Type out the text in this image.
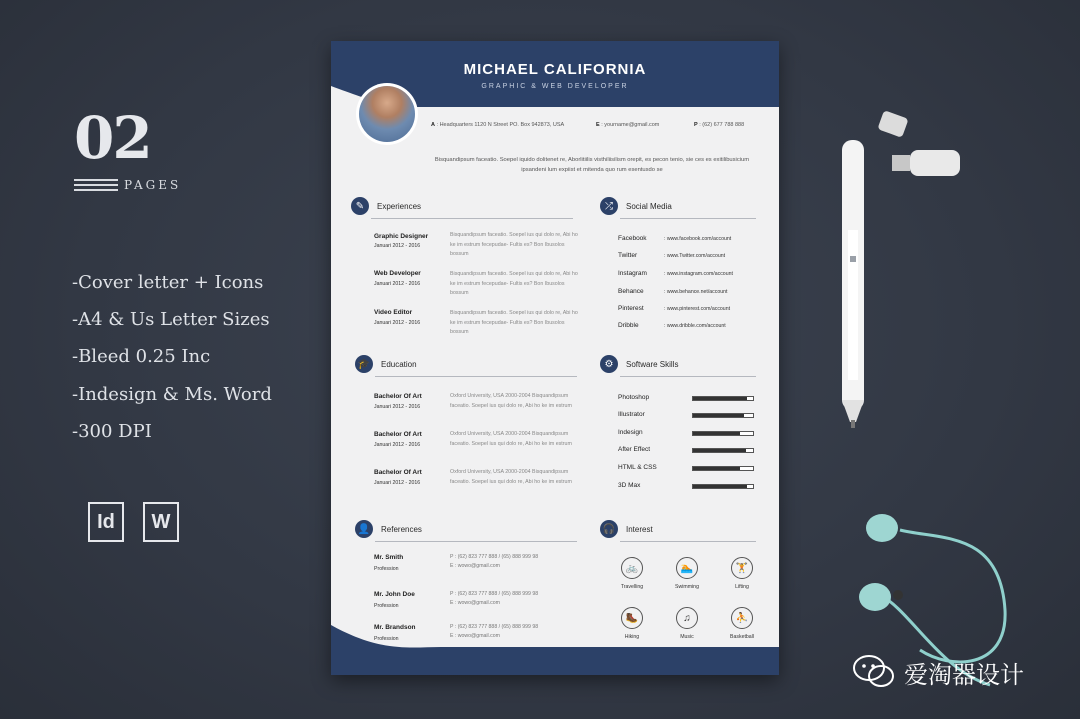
02
PAGES
-Cover letter + Icons
-A4 & Us Letter Sizes
-Bleed 0.25 Inc
-Indesign & Ms. Word
-300 DPI
Id	W
MICHAEL CALIFORNIA
GRAPHIC & WEB DEVELOPER
A : Headquarters 1120 N Street PO. Box 942873, USA	E : yourname@gmail.com	P : (62) 677 788 888
Bisquandipsum faceatio. Soepel iquido dolitenet re, Aborlitiilis visthiliisilism orepit, es pecon tenio, sie ces es exitilibusicium ipsandeni lum expiist et mitenda quo rum esentusdo se
✎	Experiences
Graphic Designer
Januari 2012 - 2016
Bisquandipsum faceatio. Soepel ius qui dolo re, Abi ho ke im estrum fecepudae- Fultis es? Bon Ibusolos bossum
Web Developer
Januari 2012 - 2016
Bisquandipsum faceatio. Soepel ius qui dolo re, Abi ho ke im estrum fecepudae- Fultis es? Bon Ibusolos bossum
Video Editor
Januari 2012 - 2016
Bisquandipsum faceatio. Soepel ius qui dolo re, Abi ho ke im estrum fecepudae- Fultis es? Bon Ibusolos bossum
🎓	Education
Bachelor Of Art
Januari 2012 - 2016
Oxford University, USA 2000-2004 Bisquandipsum faceatio. Soepel ius qui dolo re, Abi ho ke im estrum
Bachelor Of Art
Januari 2012 - 2016
Oxford University, USA 2000-2004 Bisquandipsum faceatio. Soepel ius qui dolo re, Abi ho ke im estrum
Bachelor Of Art
Januari 2012 - 2016
Oxford University, USA 2000-2004 Bisquandipsum faceatio. Soepel ius qui dolo re, Abi ho ke im estrum
👤	References
Mr. Smith
Profession
P : (62) 823 777 888 / (65) 888 999 98
E : wowo@gmail.com
Mr. John Doe
Profession
P : (62) 823 777 888 / (65) 888 999 98
E : wowo@gmail.com
Mr. Brandson
Profession
P : (62) 823 777 888 / (65) 888 999 98
E : wowo@gmail.com
⤮	Social Media
Facebook	: www.facebook.com/account
Twitter	: www.Twitter.com/account
Instagram	: www.instagram.com/account
Behance	: www.behance.net/account
Pinterest	: www.pinterest.com/account
Dribble	: www.dribble.com/account
⚙	Software Skills
Photoshop
Illustrator
Indesign
After Effect
HTML & CSS
3D Max
🎧	Interest
🚲
Travelling
🏊
Swimming
🏋
Lifting
🥾
Hiking
♫
Music
⛹
Basketball
爱淘器设计
